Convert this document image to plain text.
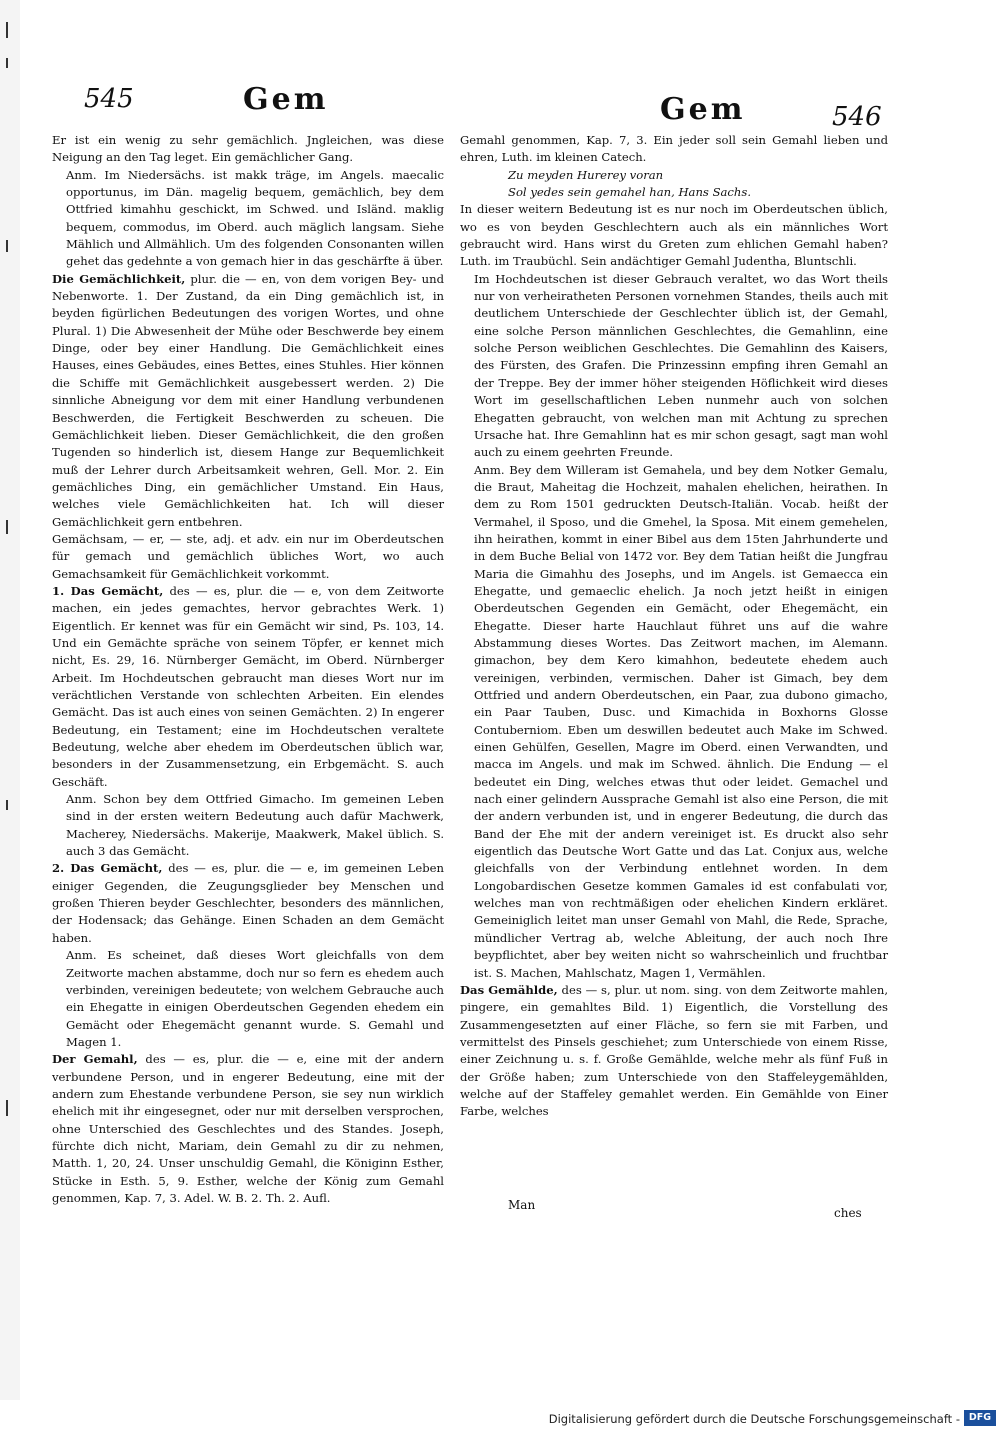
545	Gem	Gem	546

Er ist ein wenig zu sehr gemächlich. Jngleichen, was diese Neigung an den Tag leget. Ein gemächlicher Gang.

Anm. Im Niedersächs. ist makk träge, im Angels. maecalic opportunus, im Dän. magelig bequem, gemächlich, bey dem Ottfried kimahhu geschickt, im Schwed. und Isländ. maklig bequem, commodus, im Oberd. auch mäglich langsam. Siehe Mählich und Allmählich. Um des folgenden Consonanten willen gehet das gedehnte a von gemach hier in das geschärfte ä über.

Die Gemächlichkeit, plur. die — en, von dem vorigen Bey- und Nebenworte. 1. Der Zustand, da ein Ding gemächlich ist, in beyden figürlichen Bedeutungen des vorigen Wortes, und ohne Plural. 1) Die Abwesenheit der Mühe oder Beschwerde bey einem Dinge, oder bey einer Handlung. Die Gemächlichkeit eines Hauses, eines Gebäudes, eines Bettes, eines Stuhles. Hier können die Schiffe mit Gemächlichkeit ausgebessert werden. 2) Die sinnliche Abneigung vor dem mit einer Handlung verbundenen Beschwerden, die Fertigkeit Beschwerden zu scheuen. Die Gemächlichkeit lieben. Dieser Gemächlichkeit, die den großen Tugenden so hinderlich ist, diesem Hange zur Bequemlichkeit muß der Lehrer durch Arbeitsamkeit wehren, Gell. Mor. 2. Ein gemächliches Ding, ein gemächlicher Umstand. Ein Haus, welches viele Gemächlichkeiten hat. Ich will dieser Gemächlichkeit gern entbehren.

Gemächsam, — er, — ste, adj. et adv. ein nur im Oberdeutschen für gemach und gemächlich übliches Wort, wo auch Gemachsamkeit für Gemächlichkeit vorkommt.

1. Das Gemächt, des — es, plur. die — e, von dem Zeitworte machen, ein jedes gemachtes, hervor gebrachtes Werk. 1) Eigentlich. Er kennet was für ein Gemächt wir sind, Ps. 103, 14. Und ein Gemächte spräche von seinem Töpfer, er kennet mich nicht, Es. 29, 16. Nürnberger Gemächt, im Oberd. Nürnberger Arbeit. Im Hochdeutschen gebraucht man dieses Wort nur im verächtlichen Verstande von schlechten Arbeiten. Ein elendes Gemächt. Das ist auch eines von seinen Gemächten. 2) In engerer Bedeutung, ein Testament; eine im Hochdeutschen veraltete Bedeutung, welche aber ehedem im Oberdeutschen üblich war, besonders in der Zusammensetzung, ein Erbgemächt. S. auch Geschäft.

Anm. Schon bey dem Ottfried Gimacho. Im gemeinen Leben sind in der ersten weitern Bedeutung auch dafür Machwerk, Macherey, Niedersächs. Makerije, Maakwerk, Makel üblich. S. auch 3 das Gemächt.

2. Das Gemächt, des — es, plur. die — e, im gemeinen Leben einiger Gegenden, die Zeugungsglieder bey Menschen und großen Thieren beyder Geschlechter, besonders des männlichen, der Hodensack; das Gehänge. Einen Schaden an dem Gemächt haben.

Anm. Es scheinet, daß dieses Wort gleichfalls von dem Zeitworte machen abstamme, doch nur so fern es ehedem auch verbinden, vereinigen bedeutete; von welchem Gebrauche auch ein Ehegatte in einigen Oberdeutschen Gegenden ehedem ein Gemächt oder Ehegemächt genannt wurde. S. Gemahl und Magen 1.

Der Gemahl, des — es, plur. die — e, eine mit der andern verbundene Person, und in engerer Bedeutung, eine mit der andern zum Ehestande verbundene Person, sie sey nun wirklich ehelich mit ihr eingesegnet, oder nur mit derselben versprochen, ohne Unterschied des Geschlechtes und des Standes. Joseph, fürchte dich nicht, Mariam, dein Gemahl zu dir zu nehmen, Matth. 1, 20, 24. Unser unschuldig Gemahl, die Königinn Esther, Stücke in Esth. 5, 9. Esther, welche der König zum Gemahl genommen, Kap. 7, 3. Adel. W. B. 2. Th. 2. Aufl.

Gemahl genommen, Kap. 7, 3. Ein jeder soll sein Gemahl lieben und ehren, Luth. im kleinen Catech.

Zu meyden Hurerey voran

Sol yedes sein gemahel han, Hans Sachs.

In dieser weitern Bedeutung ist es nur noch im Oberdeutschen üblich, wo es von beyden Geschlechtern auch als ein männliches Wort gebraucht wird. Hans wirst du Greten zum ehlichen Gemahl haben? Luth. im Traubüchl. Sein andächtiger Gemahl Judentha, Bluntschli.

Im Hochdeutschen ist dieser Gebrauch veraltet, wo das Wort theils nur von verheiratheten Personen vornehmen Standes, theils auch mit deutlichem Unterschiede der Geschlechter üblich ist, der Gemahl, eine solche Person männlichen Geschlechtes, die Gemahlinn, eine solche Person weiblichen Geschlechtes. Die Gemahlinn des Kaisers, des Fürsten, des Grafen. Die Prinzessinn empfing ihren Gemahl an der Treppe. Bey der immer höher steigenden Höflichkeit wird dieses Wort im gesellschaftlichen Leben nunmehr auch von solchen Ehegatten gebraucht, von welchen man mit Achtung zu sprechen Ursache hat. Ihre Gemahlinn hat es mir schon gesagt, sagt man wohl auch zu einem geehrten Freunde.

Anm. Bey dem Willeram ist Gemahela, und bey dem Notker Gemalu, die Braut, Maheitag die Hochzeit, mahalen ehelichen, heirathen. In dem zu Rom 1501 gedruckten Deutsch-Italiän. Vocab. heißt der Vermahel, il Sposo, und die Gmehel, la Sposa. Mit einem gemehelen, ihn heirathen, kommt in einer Bibel aus dem 15ten Jahrhunderte und in dem Buche Belial von 1472 vor. Bey dem Tatian heißt die Jungfrau Maria die Gimahhu des Josephs, und im Angels. ist Gemaecca ein Ehegatte, und gemaeclic ehelich. Ja noch jetzt heißt in einigen Oberdeutschen Gegenden ein Gemächt, oder Ehegemächt, ein Ehegatte. Dieser harte Hauchlaut führet uns auf die wahre Abstammung dieses Wortes. Das Zeitwort machen, im Alemann. gimachon, bey dem Kero kimahhon, bedeutete ehedem auch vereinigen, verbinden, vermischen. Daher ist Gimach, bey dem Ottfried und andern Oberdeutschen, ein Paar, zua dubono gimacho, ein Paar Tauben, Dusc. und Kimachida in Boxhorns Glosse Contuberniom. Eben um deswillen bedeutet auch Make im Schwed. einen Gehülfen, Gesellen, Magre im Oberd. einen Verwandten, und macca im Angels. und mak im Schwed. ähnlich. Die Endung — el bedeutet ein Ding, welches etwas thut oder leidet. Gemachel und nach einer gelindern Aussprache Gemahl ist also eine Person, die mit der andern verbunden ist, und in engerer Bedeutung, die durch das Band der Ehe mit der andern vereiniget ist. Es druckt also sehr eigentlich das Deutsche Wort Gatte und das Lat. Conjux aus, welche gleichfalls von der Verbindung entlehnet worden. In dem Longobardischen Gesetze kommen Gamales id est confabulati vor, welches man von rechtmäßigen oder ehelichen Kindern erkläret. Gemeiniglich leitet man unser Gemahl von Mahl, die Rede, Sprache, mündlicher Vertrag ab, welche Ableitung, der auch noch Ihre beypflichtet, aber bey weiten nicht so wahrscheinlich und fruchtbar ist. S. Machen, Mahlschatz, Magen 1, Vermählen.

Das Gemählde, des — s, plur. ut nom. sing. von dem Zeitworte mahlen, pingere, ein gemahltes Bild. 1) Eigentlich, die Vorstellung des Zusammengesetzten auf einer Fläche, so fern sie mit Farben, und vermittelst des Pinsels geschiehet; zum Unterschiede von einem Risse, einer Zeichnung u. s. f. Große Gemählde, welche mehr als fünf Fuß in der Größe haben; zum Unterschiede von den Staffeleygemählden, welche auf der Staffeley gemahlet werden. Ein Gemählde von Einer Farbe, welches

Man
ches
Digitalisierung gefördert durch die Deutsche Forschungsgemeinschaft - DFG
